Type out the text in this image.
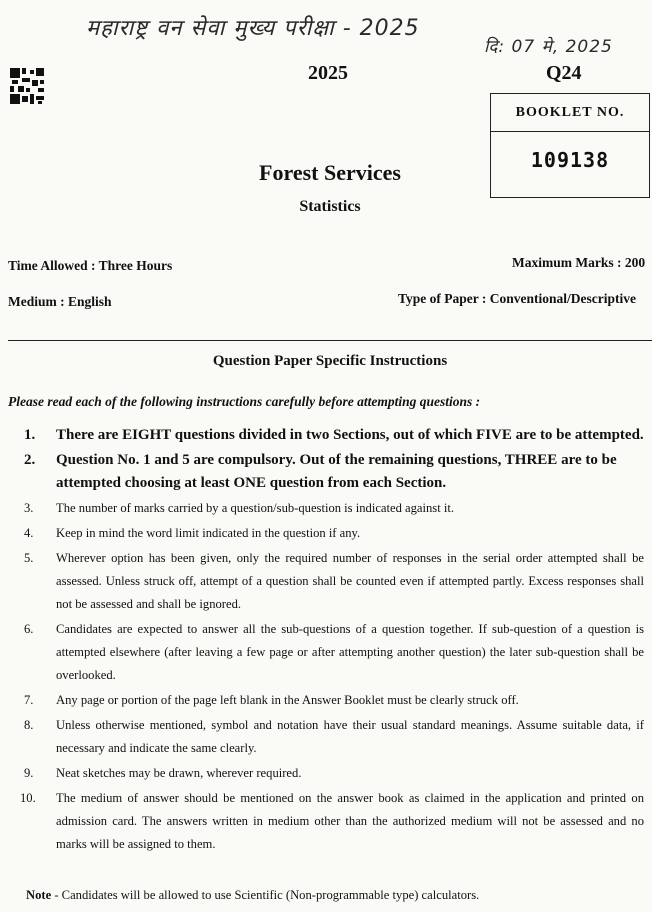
महाराष्ट्र वन सेवा मुख्य परीक्षा - 2025
दि: 07 मे, 2025
2025	Q24
BOOKLET NO.
109138
Forest Services
Statistics
Time Allowed : Three Hours	Maximum Marks : 200
Medium : English	Type of Paper : Conventional/Descriptive
Question Paper Specific Instructions
Please read each of the following instructions carefully before attempting questions :
1. There are EIGHT questions divided in two Sections, out of which FIVE are to be attempted.
2. Question No. 1 and 5 are compulsory. Out of the remaining questions, THREE are to be attempted choosing at least ONE question from each Section.
3. The number of marks carried by a question/sub-question is indicated against it.
4. Keep in mind the word limit indicated in the question if any.
5. Wherever option has been given, only the required number of responses in the serial order attempted shall be assessed. Unless struck off, attempt of a question shall be counted even if attempted partly. Excess responses shall not be assessed and shall be ignored.
6. Candidates are expected to answer all the sub-questions of a question together. If sub-question of a question is attempted elsewhere (after leaving a few page or after attempting another question) the later sub-question shall be overlooked.
7. Any page or portion of the page left blank in the Answer Booklet must be clearly struck off.
8. Unless otherwise mentioned, symbol and notation have their usual standard meanings. Assume suitable data, if necessary and indicate the same clearly.
9. Neat sketches may be drawn, wherever required.
10. The medium of answer should be mentioned on the answer book as claimed in the application and printed on admission card. The answers written in medium other than the authorized medium will not be assessed and no marks will be assigned to them.
Note - Candidates will be allowed to use Scientific (Non-programmable type) calculators.
